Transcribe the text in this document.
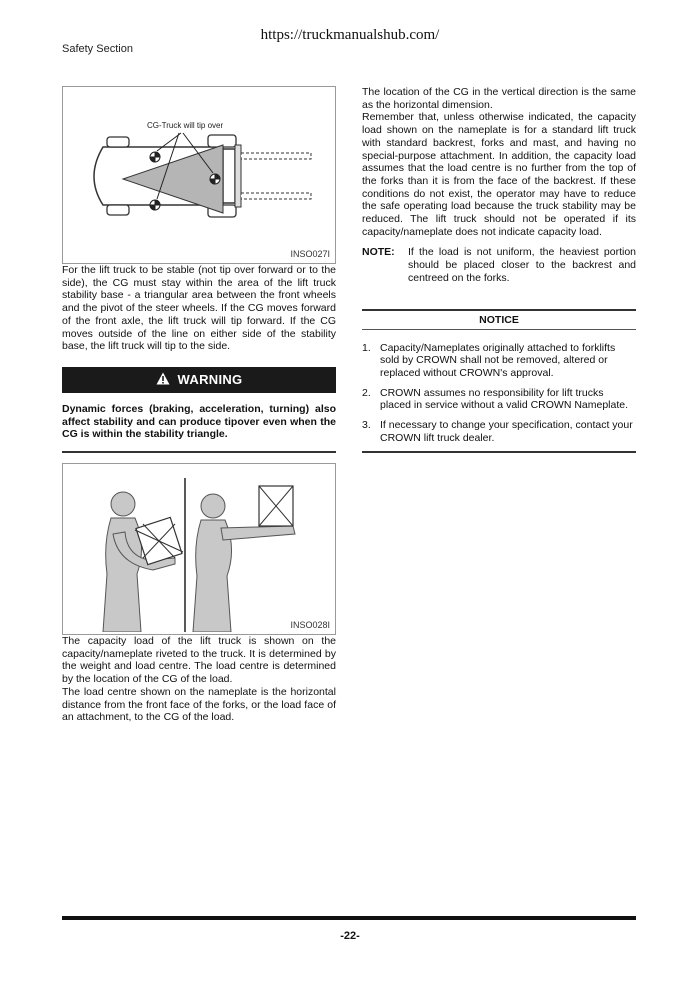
https://truckmanualshub.com/
Safety Section
CG-Truck will tip over
INSO027I

For the lift truck to be stable (not tip over forward or to the side), the CG must stay within the area of the lift truck stability base - a triangular area between the front wheels and the pivot of the steer wheels. If the CG moves forward of the front axle, the lift truck will tip forward. If the CG moves outside of the line on either side of the stability base, the lift truck will tip to the side.

WARNING

Dynamic forces (braking, acceleration, turning) also affect stability and can produce tipover even when the CG is within the stability triangle.

INSO028I

The capacity load of the lift truck is shown on the capacity/nameplate riveted to the truck. It is determined by the weight and load centre. The load centre is determined by the location of the CG of the load.

The load centre shown on the nameplate is the horizontal distance from the front face of the forks, or the load face of an attachment, to the CG of the load.

The location of the CG in the vertical direction is the same as the horizontal dimension.

Remember that, unless otherwise indicated, the capacity load shown on the nameplate is for a standard lift truck with standard backrest, forks and mast, and having no special-purpose attachment. In addition, the capacity load assumes that the load centre is no further from the top of the forks than it is from the face of the backrest. If these conditions do not exist, the operator may have to reduce the safe operating load because the truck stability may be reduced. The lift truck should not be operated if its capacity/nameplate does not indicate capacity load.

NOTE:	If the load is not uniform, the heaviest portion should be placed closer to the backrest and centreed on the forks.
NOTICE
1. Capacity/Nameplates originally attached to forklifts sold by CROWN shall not be removed, altered or replaced without CROWN's approval.
2. CROWN assumes no responsibility for lift trucks placed in service without a valid CROWN Nameplate.
3. If necessary to change your specification, contact your CROWN lift truck dealer.
-22-
